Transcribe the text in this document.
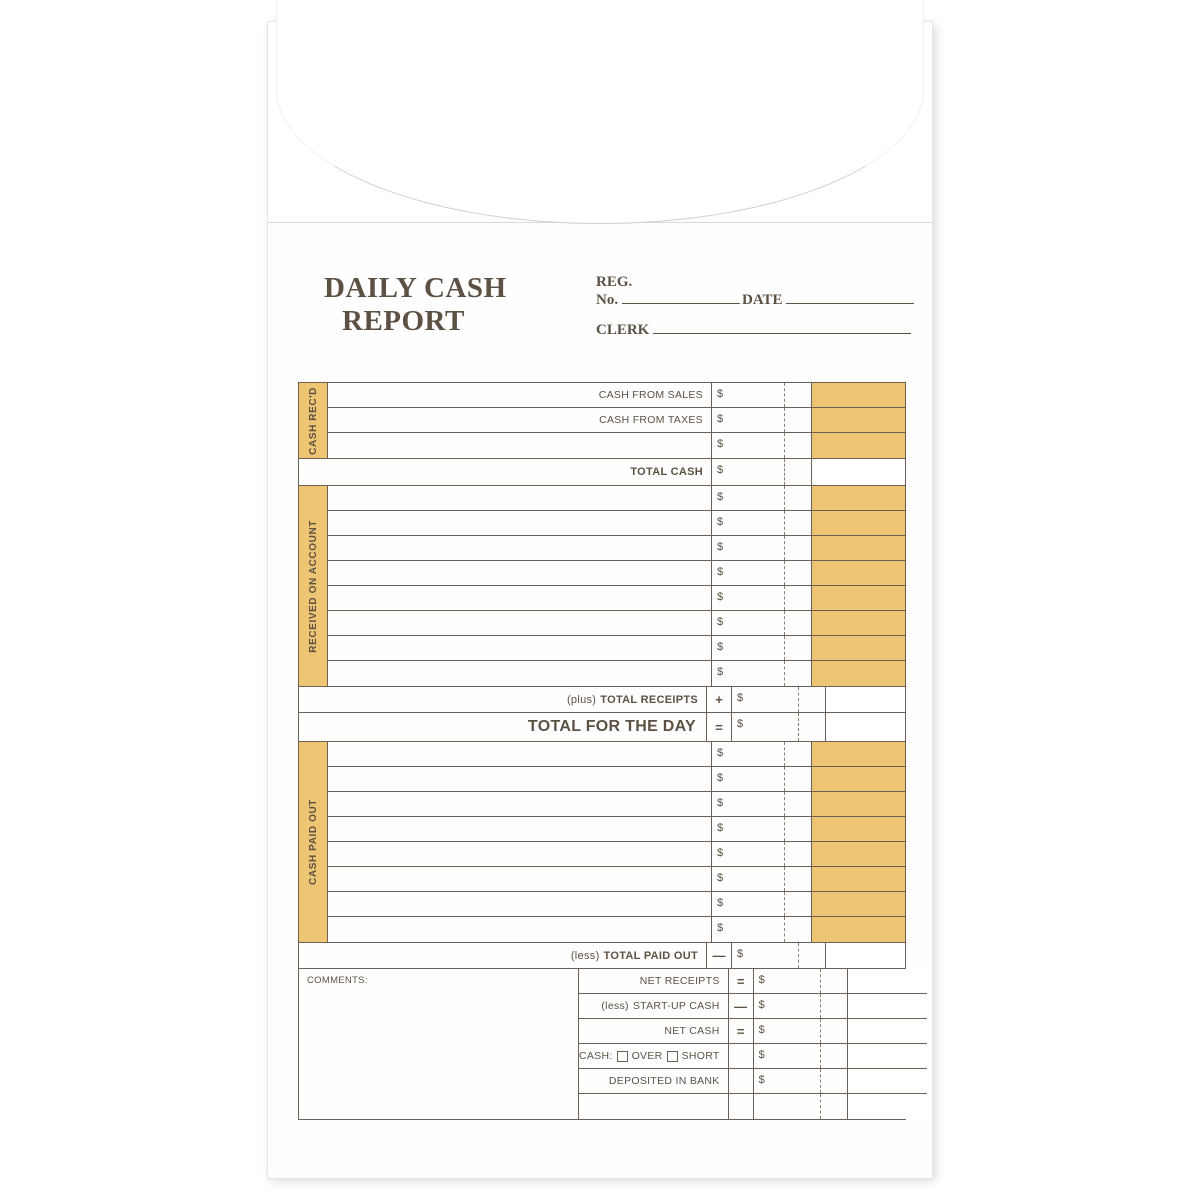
DAILY CASH
REPORT
REG.
No.	DATE
CLERK
CASH REC'D	CASH FROM SALES	$
CASH FROM TAXES	$
$
TOTAL CASH	$
RECEIVED ON ACCOUNT
$
$
$
$
$
$
$
$
(plus) TOTAL RECEIPTS	+	$
TOTAL FOR THE DAY	=	$
CASH PAID OUT
$
$
$
$
$
$
$
$
(less) TOTAL PAID OUT	—	$
COMMENTS:	NET RECEIPTS	=	$
(less) START-UP CASH	—	$
NET CASH	=	$
CASH: OVER SHORT	$
DEPOSITED IN BANK	$
